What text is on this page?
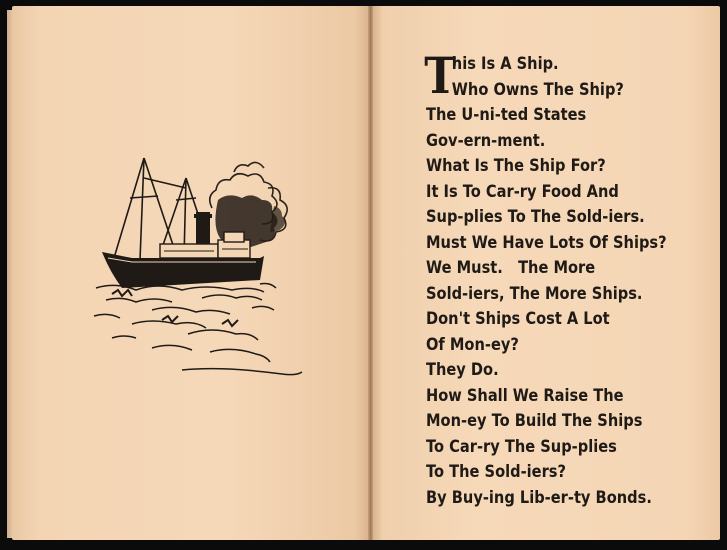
T
his Is A Ship.
Who Owns The Ship?
The U-ni-ted States
Gov-ern-ment.
What Is The Ship For?
It Is To Car-ry Food And
Sup-plies To The Sold-iers.
Must We Have Lots Of Ships?
We Must.   The More
Sold-iers, The More Ships.
Don't Ships Cost A Lot
Of Mon-ey?
They Do.
How Shall We Raise The
Mon-ey To Build The Ships
To Car-ry The Sup-plies
To The Sold-iers?
By Buy-ing Lib-er-ty Bonds.
